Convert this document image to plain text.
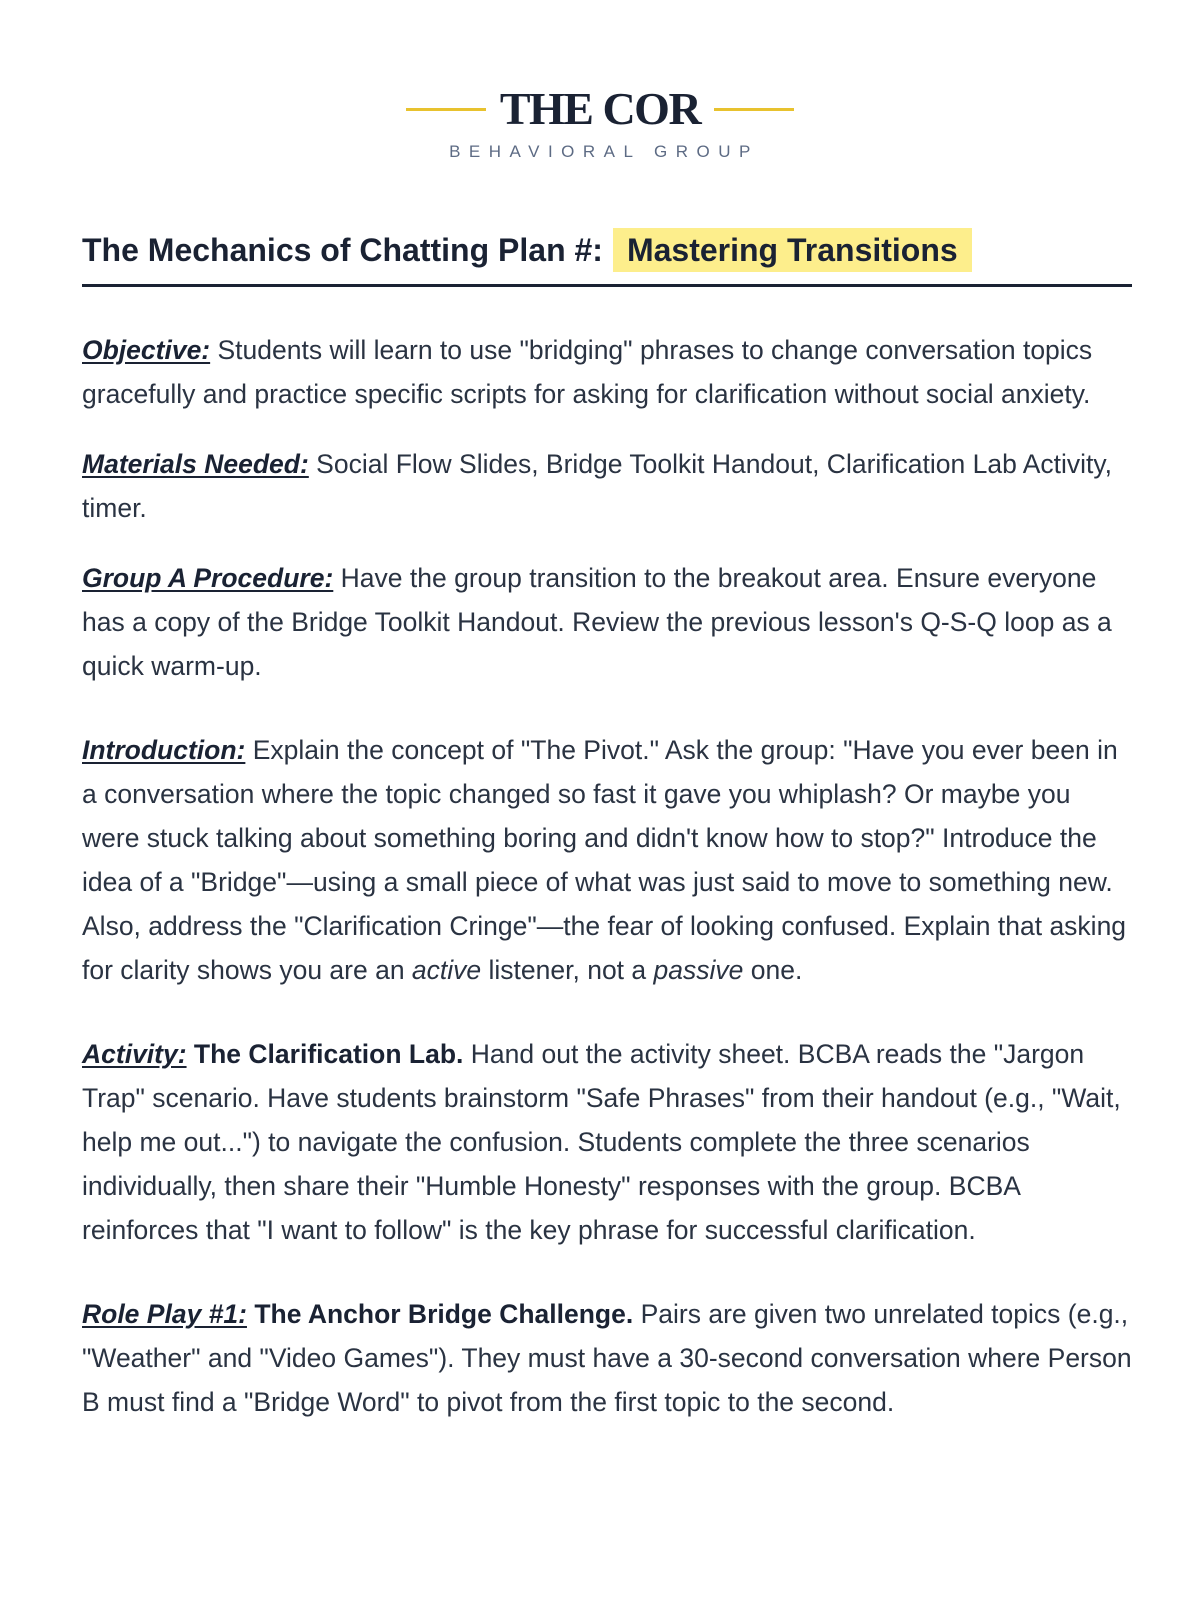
THE COR
BEHAVIORAL GROUP
The Mechanics of Chatting Plan #: Mastering Transitions

Objective: Students will learn to use "bridging" phrases to change conversation topics gracefully and practice specific scripts for asking for clarification without social anxiety.

Materials Needed: Social Flow Slides, Bridge Toolkit Handout, Clarification Lab Activity, timer.

Group A Procedure: Have the group transition to the breakout area. Ensure everyone has a copy of the Bridge Toolkit Handout. Review the previous lesson's Q-S-Q loop as a quick warm-up.

Introduction: Explain the concept of "The Pivot." Ask the group: "Have you ever been in a conversation where the topic changed so fast it gave you whiplash? Or maybe you were stuck talking about something boring and didn't know how to stop?" Introduce the idea of a "Bridge"—using a small piece of what was just said to move to something new. Also, address the "Clarification Cringe"—the fear of looking confused. Explain that asking for clarity shows you are an active listener, not a passive one.

Activity: The Clarification Lab. Hand out the activity sheet. BCBA reads the "Jargon Trap" scenario. Have students brainstorm "Safe Phrases" from their handout (e.g., "Wait, help me out...") to navigate the confusion. Students complete the three scenarios individually, then share their "Humble Honesty" responses with the group. BCBA reinforces that "I want to follow" is the key phrase for successful clarification.

Role Play #1: The Anchor Bridge Challenge. Pairs are given two unrelated topics (e.g., "Weather" and "Video Games"). They must have a 30-second conversation where Person B must find a "Bridge Word" to pivot from the first topic to the second.
